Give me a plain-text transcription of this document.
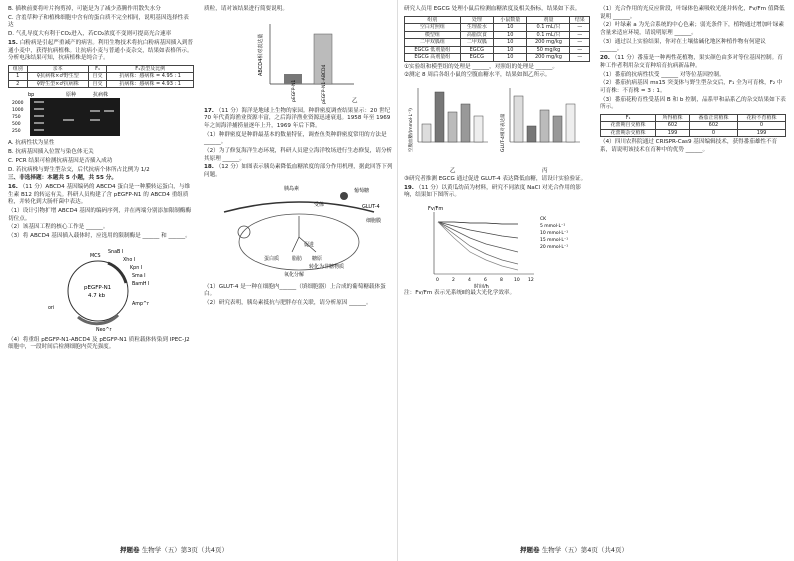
B. 插秧前要将叶片拘剪掉，可能是为了减少蒸腾作用散失水分

C. 含羞草种子和植株细胞中含有的蛋白质不完全相同，说明基因选择性表达

D. 气孔导度大有利于CO₂进入，若CO₂浓度不变则可提高光合速率

15. 白粉病是引起严重减产的病害。利用生物技术将抗白粉病基因插入到普通小麦中，获得抗病植株。让抗病小麦与普通小麦杂交，结果如表格所示。分析电泳结果可知，抗病植株是纯合子。

组别	亲本	F₁	F₁表型及比例
1	♀抗病株×♂野生型	自交	抗病株：感病株 = 4.95 : 1
2	♀野生型×♂抗病株	自交	抗病株：感病株 = 4.93 : 1
bp
2000
1000
750
500
250
原种	抗病株

A. 抗病性状为显性

B. 抗病基因插入位置与染色体无关

C. PCR 结果可检测抗病基因是否插入成功

D. 若抗病株与野生型杂交，后代抗病个体所占比例为 1/2

三、非选择题：本题共 5 小题，共 55 分。

16. （11 分）ABCD4 基因编码的 ABCD4 蛋白是一种膜转运蛋白，与维生素 B12 的转运有关。科研人员构建了含 pEGFP-N1 的 ABCD4 重组质粒，并转化到大肠杆菌中表达。

（1）设计引物扩增 ABCD4 基因的编码序列，并在两端分别添加限制酶酶切位点。

（2）该基因工程的核心工作是 ______。

（3）将 ABCD4 基因插入载体时，应选用的限制酶是 ______ 和 ______。

pEGFP-N1
4.7 kb
SnaB I
Xho I
Kpn I
Sma I
BamH I
MCS
Amp^r
ori
Neo^r

（4）将重组 pEGFP-N1-ABCD4 及 pEGFP-N1 质粒载体转染到 IPEC-J2 细胞中，一段时间后检测细胞内荧光强度。

质粒，请对该结果进行简要说明。

ABCD4相对表达量
pEGFP-N1	pEGFP-N1-ABCD4	乙

17. （11 分）海洋是地球上生物的家园。种群密度调查结果显示：20 世纪 70 年代黄海渔业资源丰富，之后海洋渔业资源迅速衰退。1958 年至 1969 年之间海洋捕捞量逐年上升，1969 年后下降。

（1）种群密度是种群最基本的数量特征，调查鱼类种群密度常用的方法是 ______。

（2）为了修复海洋生态环境，科研人员建立海洋牧场进行生态修复，请分析其原理 ______。

18. （12 分）如图表示胰岛素降低血糖浓度的部分作用机理，据此回答下列问题。

胰岛素
受体
葡萄糖
GLUT-4
细胞膜
蛋白质	脂肪 糖原
转化为非糖物质
氧化分解
促进

（1）GLUT-4 是一种在细胞内______（填细胞器）上合成的葡萄糖载体蛋白。

（2）研究表明，胰岛素抵抗与肥胖存在关联，请分析原因 ______。

研究人员用 EGCG 处理小鼠后检测血糖浓度及相关指标，结果如下表。

组别	处理	小鼠数量	剂量	结果
空白对照组	生理盐水	10	0.1 mL/只	—
模型组	高脂饮食	10	0.1 mL/只	—
二甲双胍组	二甲双胍	10	200 mg/kg	—
EGCG 低剂量组	EGCG	10	50 mg/kg	—
EGCG 高剂量组	EGCG	10	200 mg/kg	—

①实验组和模型组的处理是 ______，对照组的处理是 ______。

②测定 8 周后各组小鼠的空腹血糖水平，结果如图乙所示。

空腹血糖/(mmol·L⁻¹)
乙
GLUT-4相对表达量
丙

③研究者推测 EGCG 通过促进 GLUT-4 表达降低血糖，请设计实验验证。

19. （11 分）以黄瓜幼苗为材料，研究不同浓度 NaCl 对光合作用的影响，结果如下图所示。

Fv/Fm
CK
5 mmol·L⁻¹
10 mmol·L⁻¹
15 mmol·L⁻¹
20 mmol·L⁻¹
0	2	4	6	8 10 12
时间/h

注：Fv/Fm 表示光系统Ⅱ的最大光化学效率。

（1）光合作用的光反应阶段，叶绿体色素吸收光能并转化，Fv/Fm 值降低说明 ______。

（2）叶绿素 a 为光合系统的中心色素；弱光条件下，植物通过增加叶绿素含量来适应环境，请说明原理 ______。

（3）通过以上实验结果，你对在土壤盐碱化地区种植作物有何建议 ______。

20. （11 分）番茄是一种两性花植物，果实颜色由多对等位基因控制。育种工作者利用杂交育种培育抗病新品种。

（1）番茄的抗病性状受 ______ 对等位基因控制。

（2）番茄抗病基因 ms15 突变体与野生型杂交后，F₁ 全为可育株，F₂ 中可育株：不育株 = 3 : 1。

（3）番茄花粉育性受基因 B 和 b 控制，品系甲和品系乙的杂交结果如下表所示。

F₁	所得植株	番茄正常植株	花粉不育植株
花蕾期自交植株	602	602	0
花蕾期杂交植株	199	0	199

（4）四川农科院通过 CRISPR-Cas9 基因编辑技术，获得番茄雄性不育系，请说明该技术在育种中的优势 ______。

押题卷 生物学（五）第3页（共4页）	押题卷 生物学（五）第4页（共4页）
